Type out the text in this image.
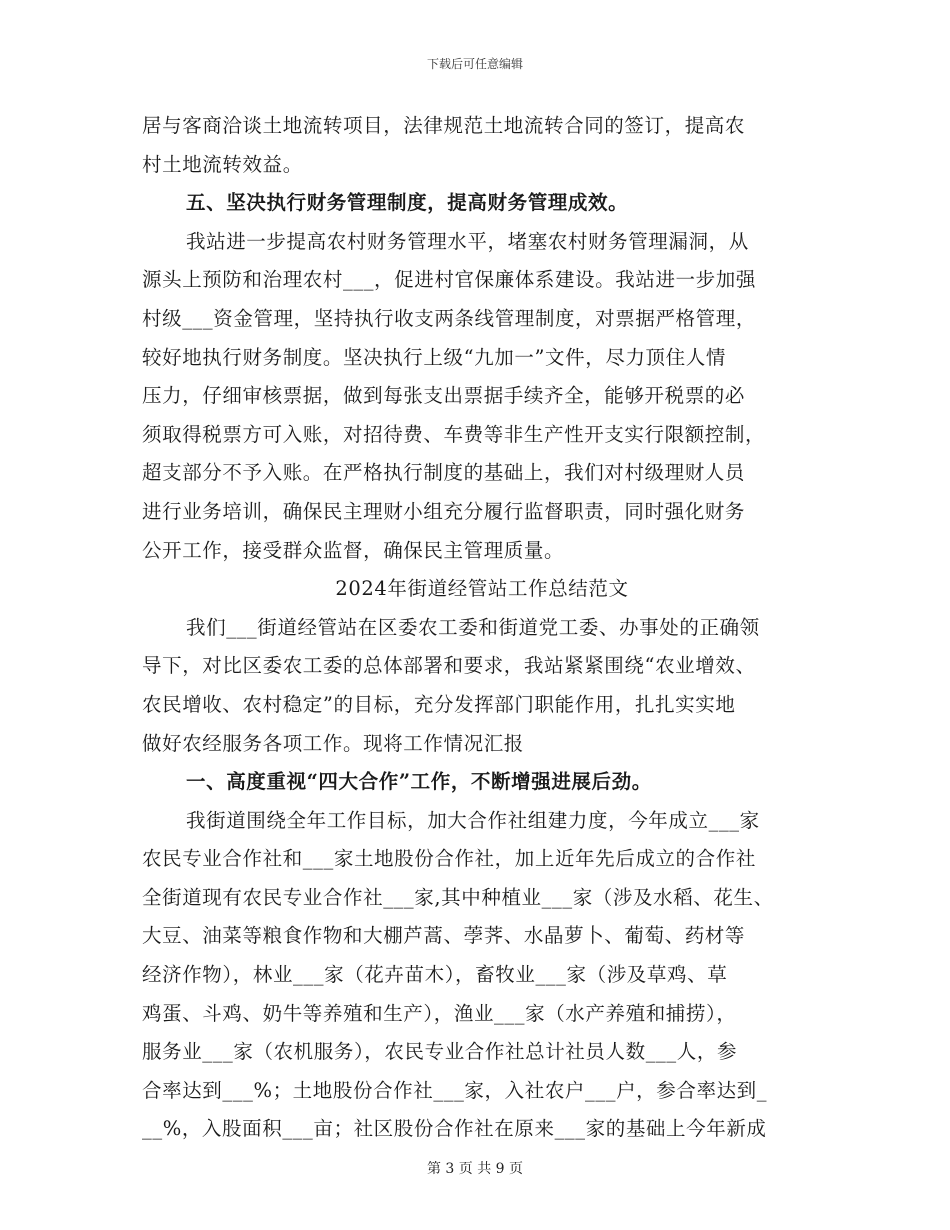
下载后可任意编辑
居与客商洽谈土地流转项目，法律规范土地流转合同的签订，提高农
村土地流转效益。
五、坚决执行财务管理制度，提高财务管理成效。
我站进一步提高农村财务管理水平，堵塞农村财务管理漏洞，从
源头上预防和治理农村___，促进村官保廉体系建设。我站进一步加强
村级___资金管理，坚持执行收支两条线管理制度，对票据严格管理，
较好地执行财务制度。坚决执行上级“九加一”文件，尽力顶住人情
压力，仔细审核票据，做到每张支出票据手续齐全，能够开税票的必
须取得税票方可入账，对招待费、车费等非生产性开支实行限额控制，
超支部分不予入账。在严格执行制度的基础上，我们对村级理财人员
进行业务培训，确保民主理财小组充分履行监督职责，同时强化财务
公开工作，接受群众监督，确保民主管理质量。
2024年街道经管站工作总结范文
我们___街道经管站在区委农工委和街道党工委、办事处的正确领
导下，对比区委农工委的总体部署和要求，我站紧紧围绕“农业增效、
农民增收、农村稳定”的目标，充分发挥部门职能作用，扎扎实实地
做好农经服务各项工作。现将工作情况汇报
一、高度重视“四大合作”工作，不断增强进展后劲。
我街道围绕全年工作目标，加大合作社组建力度，今年成立___家
农民专业合作社和___家土地股份合作社，加上近年先后成立的合作社
全街道现有农民专业合作社___家,其中种植业___家（涉及水稻、花生、
大豆、油菜等粮食作物和大棚芦蒿、荸荠、水晶萝卜、葡萄、药材等
经济作物），林业___家（花卉苗木），畜牧业___家（涉及草鸡、草
鸡蛋、斗鸡、奶牛等养殖和生产），渔业___家（水产养殖和捕捞），
服务业___家（农机服务），农民专业合作社总计社员人数___人，参
合率达到___%；土地股份合作社___家，入社农户___户，参合率达到_
__%，入股面积___亩；社区股份合作社在原来___家的基础上今年新成
第 3 页 共 9 页
